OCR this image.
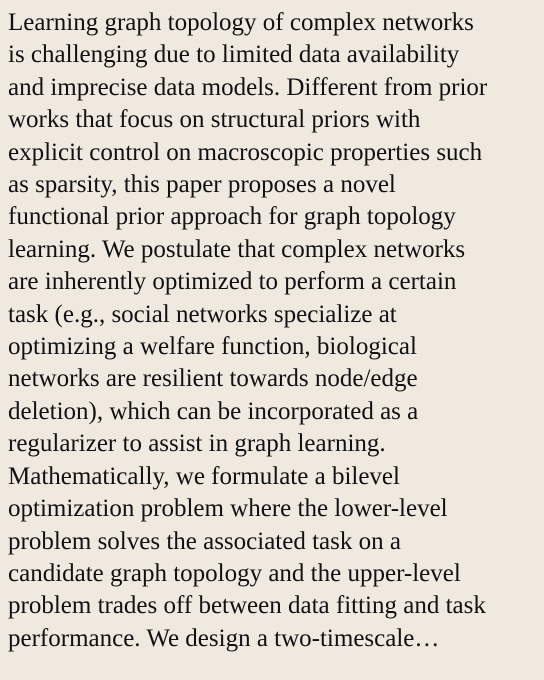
Learning graph topology of complex networks
is challenging due to limited data availability
and imprecise data models. Different from prior
works that focus on structural priors with
explicit control on macroscopic properties such
as sparsity, this paper proposes a novel
functional prior approach for graph topology
learning. We postulate that complex networks
are inherently optimized to perform a certain
task (e.g., social networks specialize at
optimizing a welfare function, biological
networks are resilient towards node/edge
deletion), which can be incorporated as a
regularizer to assist in graph learning.
Mathematically, we formulate a bilevel
optimization problem where the lower-level
problem solves the associated task on a
candidate graph topology and the upper-level
problem trades off between data fitting and task
performance. We design a two-timescale…
